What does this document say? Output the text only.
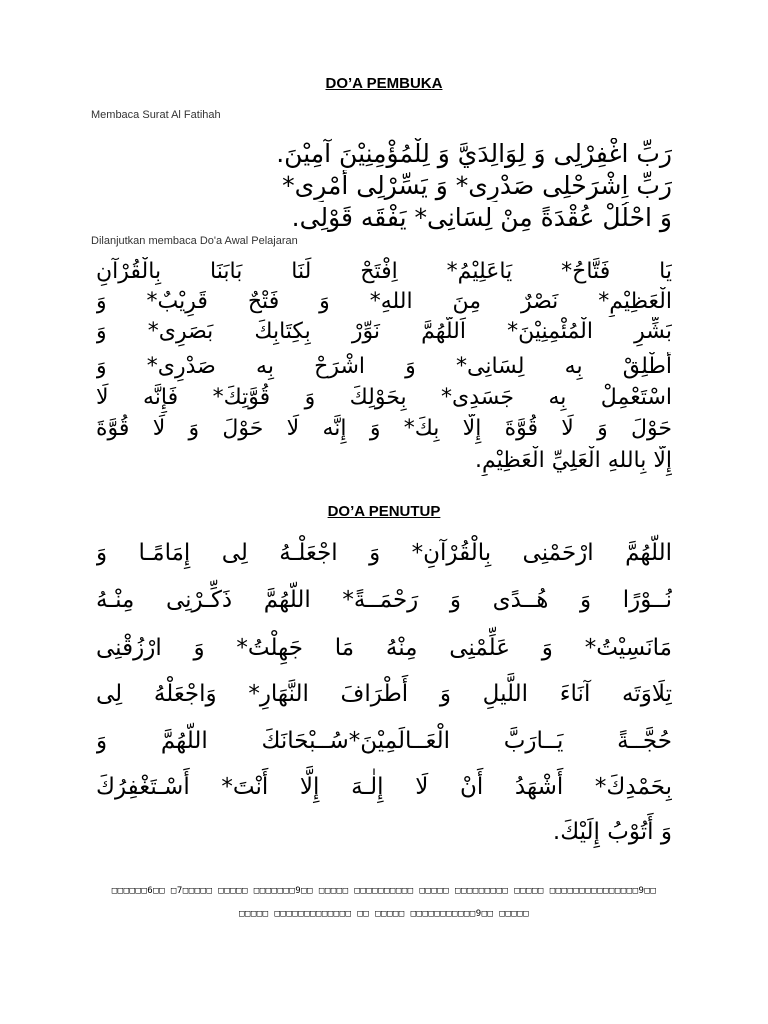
DO’A PEMBUKA

Membaca Surat Al Fatihah

رَبِّ اغْفِرْلِى وَ لِوَالِدَيَّ وَ لِلْمُؤْمِنِيْنَ آمِيْنَ.

رَبِّ اِشْرَحْلِى صَدْرِى* وَ يَسِّرْلِى أَمْرِى*

وَ احْلُلْ عُقْدَةً مِنْ لِسَانِى* يَفْقَه قَوْلِى.

Dilanjutkan membaca Do'a Awal Pelajaran

يَا فَتَّاحُ* يَاعَلِيْمُ* اِفْتَحْ لَنَا بَابَنَا بِالْقُرْآنِ

الْعَظِيْمِ* نَصْرٌ مِنَ اللهِ* وَ فَتْحٌ قَرِيْبٌ* وَ

بَشِّرِ الْمُئْمِنِيْنَ* اَللّهُمَّ نَوِّرْ بِكِتَابِكَ بَصَرِى* وَ

أَطْلِقْ بِه لِسَانِى* وَ اشْرَحْ بِه صَدْرِى* وَ

اسْتَعْمِلْ بِه جَسَدِى* بِحَوْلِكَ وَ قُوَّتِكَ* فَإِنَّه لَا

حَوْلَ وَ لَا قُوَّةَ إِلَّا بِكَ* وَ إِنَّه لَا حَوْلَ وَ لَا قُوَّةَ

إِلَّا بِاللهِ الْعَلِيِّ الْعَظِيْمِ.

DO’A PENUTUP

اللّهُمَّ ارْحَمْنِى بِالْقُرْآنِ* وَ اجْعَلْـهُ لِى إِمَامًـا وَ

نُــوْرًا وَ هُــدًى وَ رَحْمَــةً* اللّهُمَّ ذَكِّـرْنِى مِنْـهُ

مَانَسِيْتُ* وَ عَلِّمْنِى مِنْهُ مَا جَهِلْتُ* وَ ارْزُقْنِى

تِلَاوَتَه آنَاءَ اللَّيلِ وَ أَطْرَافَ النَّهَارِ* وَاجْعَلْهُ لِى

حُجَّــةً يَــارَبَّ الْعَــالَمِيْنَ*سُــبْحَانَكَ اللّهُمَّ وَ

بِحَمْدِكَ* أَشْهَدُ أَنْ لَا إِلٰـهَ إِلَّا أَنْتَ* أَسْـتَغْفِرُكَ

وَ أَتُوْبُ إِلَيْكَ.

□□□□□□6□□ □7□□□□□ □□□□□ □□□□□□□9□□ □□□□□ □□□□□□□□□□ □□□□□ □□□□□□□□□ □□□□□ □□□□□□□□□□□□□□□9□□

□□□□□ □□□□□□□□□□□□□ □□ □□□□□ □□□□□□□□□□□9□□ □□□□□
